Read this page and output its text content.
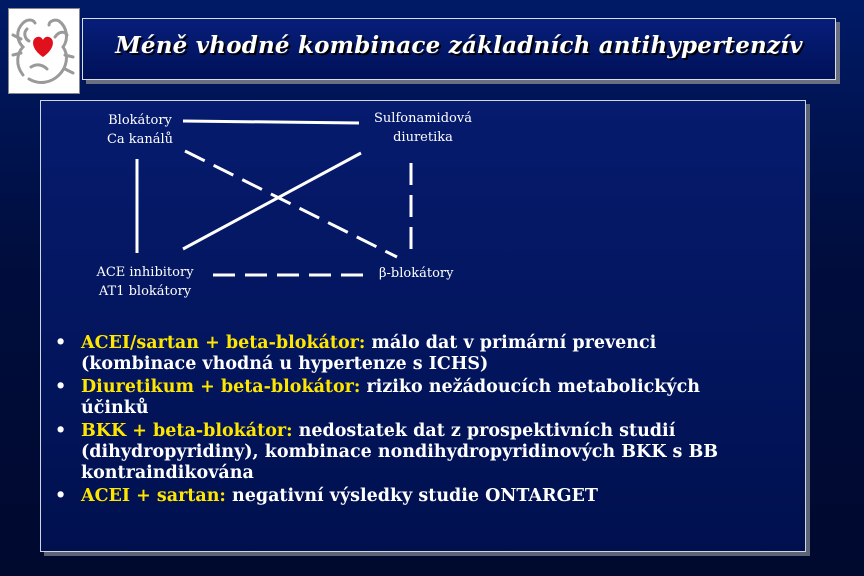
Méně vhodné kombinace základních antihypertenzív
Blokátory
Ca kanálů
Sulfonamidová
diuretika
ACE inhibitory
AT1 blokátory
β-blokátory
• ACEI/sartan + beta-blokátor: málo dat v primární prevenci
(kombinace vhodná u hypertenze s ICHS)
• Diuretikum + beta-blokátor: riziko nežádoucích metabolických
účinků
• BKK + beta-blokátor: nedostatek dat z prospektivních studií
(dihydropyridiny), kombinace nondihydropyridinových BKK s BB
kontraindikována
• ACEI + sartan: negativní výsledky studie ONTARGET
